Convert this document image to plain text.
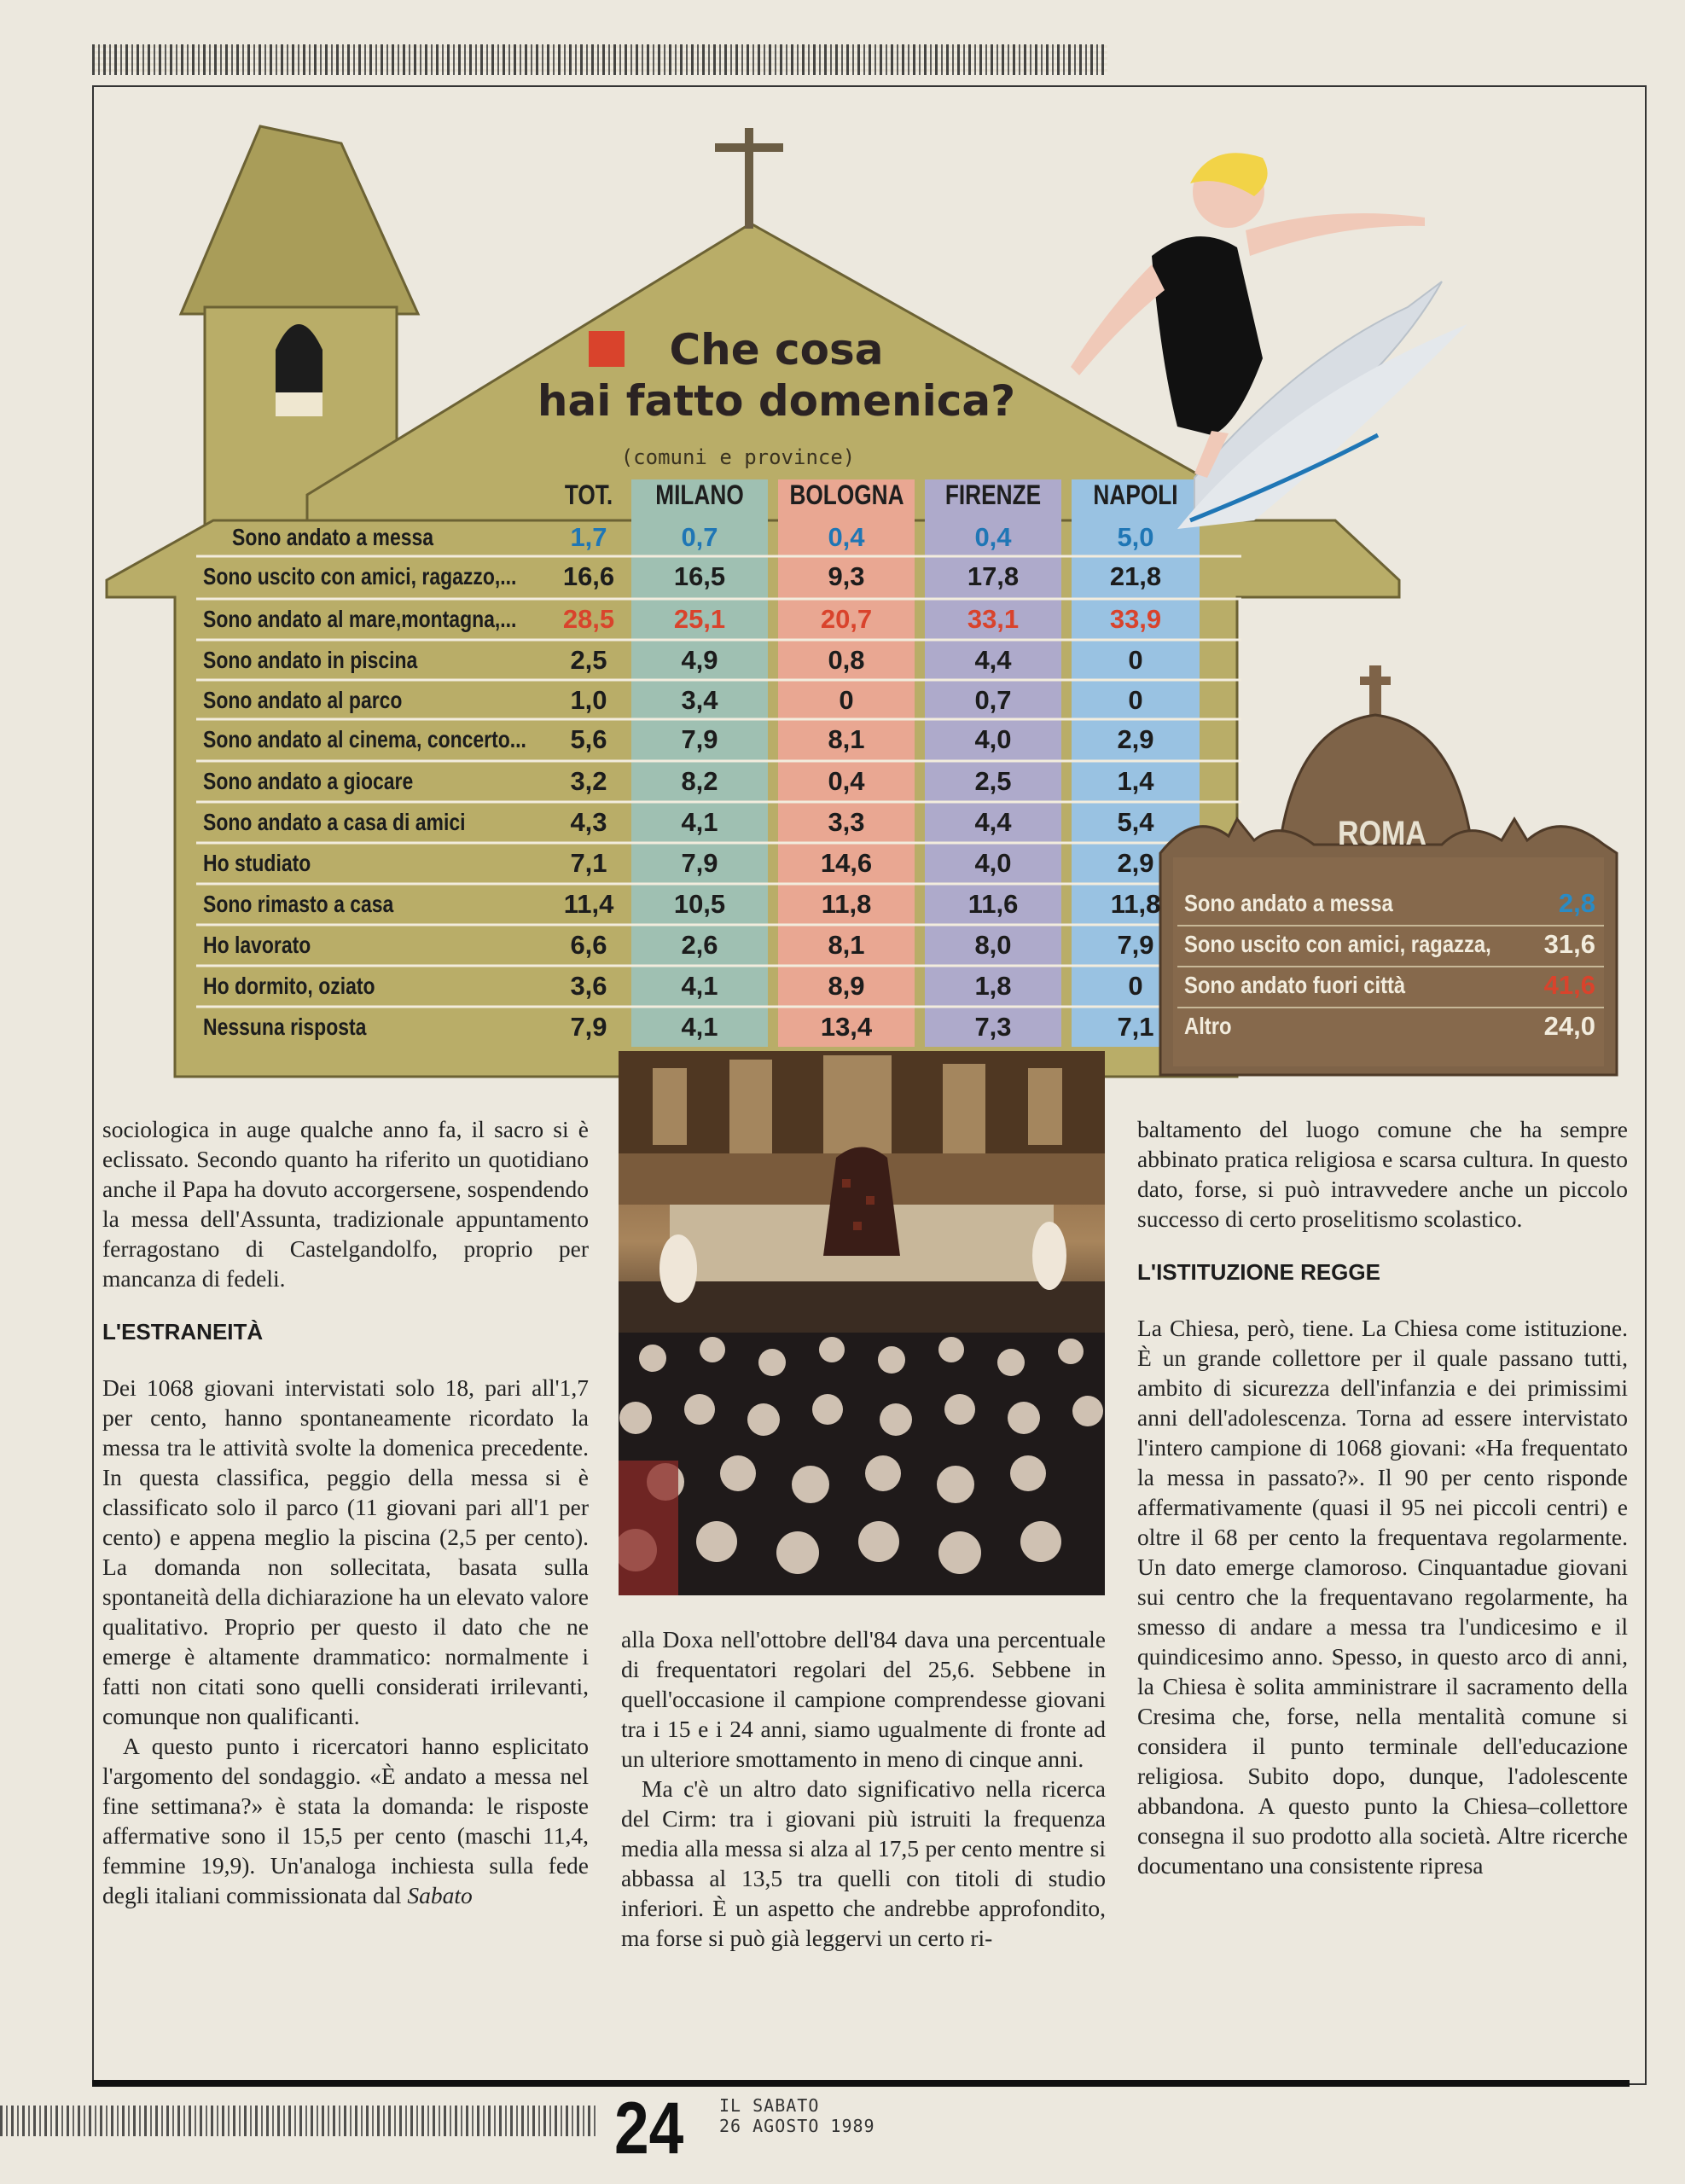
Che cosa
hai fatto domenica?
(comuni e province)
TOT.	MILANO	BOLOGNA FIRENZE	NAPOLI
Sono andato a messa	1,7	0,7	0,4	0,4	5,0
Sono uscito con amici, ragazzo,...	16,6	16,5	9,3	17,8	21,8
Sono andato al mare,montagna,...	28,5	25,1	20,7	33,1	33,9
Sono andato in piscina	2,5	4,9	0,8	4,4	0
Sono andato al parco	1,0	3,4	0	0,7	0
Sono andato al cinema, concerto...	5,6	7,9	8,1	4,0	2,9
Sono andato a giocare	3,2	8,2	0,4	2,5	1,4
Sono andato a casa di amici	4,3	4,1	3,3	4,4	5,4
Ho studiato	7,1	7,9	14,6	4,0	2,9
Sono rimasto a casa	11,4	10,5	11,8	11,6	11,8
Ho lavorato	6,6	2,6	8,1	8,0	7,9
Ho dormito, oziato	3,6	4,1	8,9	1,8	0
Nessuna risposta	7,9	4,1	13,4	7,3	7,1
ROMA
Sono andato a messa	2,8
Sono uscito con amici, ragazza,	31,6
Sono andato fuori città	41,6
Altro	24,0

sociologica in auge qualche anno fa, il sacro si è eclissato. Secondo quanto ha riferito un quotidiano anche il Papa ha dovuto accorgersene, sospendendo la messa dell'Assunta, tradizionale appuntamento ferragostano di Castelgandolfo, proprio per mancanza di fedeli.

L'ESTRANEITÀ

Dei 1068 giovani intervistati solo 18, pari all'1,7 per cento, hanno spontaneamente ricordato la messa tra le attività svolte la domenica precedente. In questa classifica, peggio della messa si è classificato solo il parco (11 giovani pari all'1 per cento) e appena meglio la piscina (2,5 per cento). La domanda non sollecitata, basata sulla spontaneità della dichiarazione ha un elevato valore qualitativo. Proprio per questo il dato che ne emerge è altamente drammatico: normalmente i fatti non citati sono quelli considerati irrilevanti, comunque non qualificanti.

A questo punto i ricercatori hanno esplicitato l'argomento del sondaggio. «È andato a messa nel fine settimana?» è stata la domanda: le risposte affermative sono il 15,5 per cento (maschi 11,4, femmine 19,9). Un'analoga inchiesta sulla fede degli italiani commissionata dal Sabato

alla Doxa nell'ottobre dell'84 dava una percentuale di frequentatori regolari del 25,6. Sebbene in quell'occasione il campione comprendesse giovani tra i 15 e i 24 anni, siamo ugualmente di fronte ad un ulteriore smottamento in meno di cinque anni.

Ma c'è un altro dato significativo nella ricerca del Cirm: tra i giovani più istruiti la frequenza media alla messa si alza al 17,5 per cento mentre si abbassa al 13,5 tra quelli con titoli di studio inferiori. È un aspetto che andrebbe approfondito, ma forse si può già leggervi un certo ri-

baltamento del luogo comune che ha sempre abbinato pratica religiosa e scarsa cultura. In questo dato, forse, si può intravvedere anche un piccolo successo di certo proselitismo scolastico.

L'ISTITUZIONE REGGE

La Chiesa, però, tiene. La Chiesa come istituzione. È un grande collettore per il quale passano tutti, ambito di sicurezza dell'infanzia e dei primissimi anni dell'adolescenza. Torna ad essere intervistato l'intero campione di 1068 giovani: «Ha frequentato la messa in passato?». Il 90 per cento risponde affermativamente (quasi il 95 nei piccoli centri) e oltre il 68 per cento la frequentava regolarmente. Un dato emerge clamoroso. Cinquantadue giovani sui centro che la frequentavano regolarmente, ha smesso di andare a messa tra l'undicesimo e il quindicesimo anno. Spesso, in questo arco di anni, la Chiesa è solita amministrare il sacramento della Cresima che, forse, nella mentalità comune si considera il punto terminale dell'educazione religiosa. Subito dopo, dunque, l'adolescente abbandona. A questo punto la Chiesa–collettore consegna il suo prodotto alla società. Altre ricerche documentano una consistente ripresa

24 IL SABATO
26 AGOSTO 1989
